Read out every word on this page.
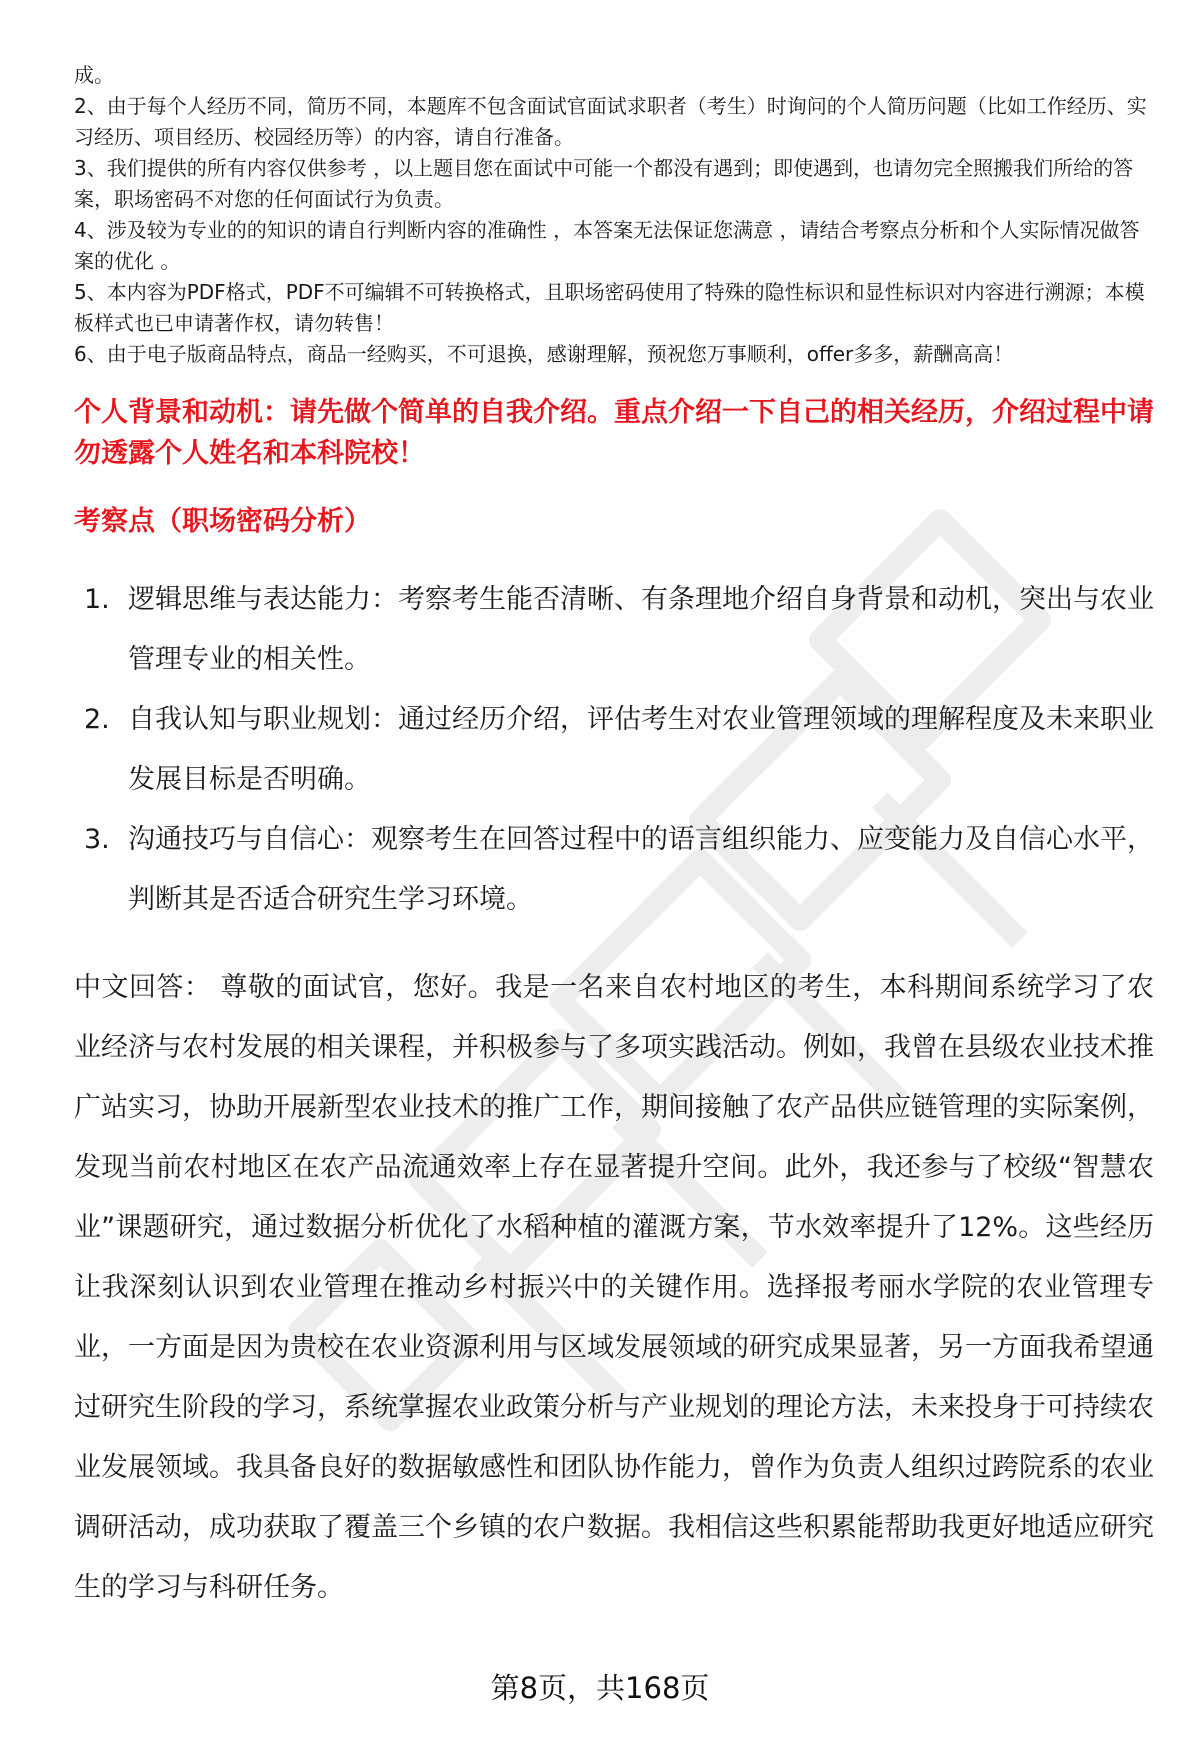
成。

2、由于每个人经历不同，简历不同，本题库不包含面试官面试求职者（考生）时询问的个人简历问题（比如工作经历、实习经历、项目经历、校园经历等）的内容，请自行准备。

3、我们提供的所有内容仅供参考 ，以上题目您在面试中可能一个都没有遇到；即使遇到，也请勿完全照搬我们所给的答案，职场密码不对您的任何面试行为负责。

4、涉及较为专业的的知识的请自行判断内容的准确性 ，本答案无法保证您满意 ，请结合考察点分析和个人实际情况做答案的优化 。

5、本内容为PDF格式，PDF不可编辑不可转换格式，且职场密码使用了特殊的隐性标识和显性标识对内容进行溯源；本模板样式也已申请著作权，请勿转售！

6、由于电子版商品特点，商品一经购买，不可退换，感谢理解，预祝您万事顺利，offer多多，薪酬高高！

个人背景和动机：请先做个简单的自我介绍。重点介绍一下自己的相关经历，介绍过程中请勿透露个人姓名和本科院校！
考察点（职场密码分析）
1. 逻辑思维与表达能力：考察考生能否清晰、有条理地介绍自身背景和动机，突出与农业管理专业的相关性。
2. 自我认知与职业规划：通过经历介绍，评估考生对农业管理领域的理解程度及未来职业发展目标是否明确。
3. 沟通技巧与自信心：观察考生在回答过程中的语言组织能力、应变能力及自信心水平，判断其是否适合研究生学习环境。
中文回答： 尊敬的面试官，您好。我是一名来自农村地区的考生，本科期间系统学习了农业经济与农村发展的相关课程，并积极参与了多项实践活动。例如，我曾在县级农业技术推广站实习，协助开展新型农业技术的推广工作，期间接触了农产品供应链管理的实际案例，发现当前农村地区在农产品流通效率上存在显著提升空间。此外，我还参与了校级“智慧农业”课题研究，通过数据分析优化了水稻种植的灌溉方案，节水效率提升了12%。这些经历让我深刻认识到农业管理在推动乡村振兴中的关键作用。选择报考丽水学院的农业管理专业，一方面是因为贵校在农业资源利用与区域发展领域的研究成果显著，另一方面我希望通过研究生阶段的学习，系统掌握农业政策分析与产业规划的理论方法，未来投身于可持续农业发展领域。我具备良好的数据敏感性和团队协作能力，曾作为负责人组织过跨院系的农业调研活动，成功获取了覆盖三个乡镇的农户数据。我相信这些积累能帮助我更好地适应研究生的学习与科研任务。
第8页，共168页
